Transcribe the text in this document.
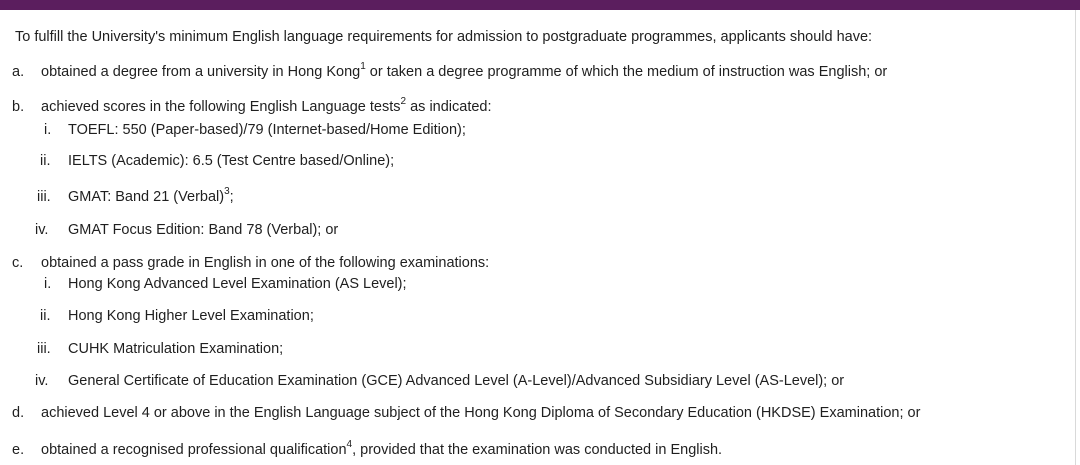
To fulfill the University's minimum English language requirements for admission to postgraduate programmes, applicants should have:
a. obtained a degree from a university in Hong Kong$^1$ or taken a degree programme of which the medium of instruction was English; or
b. achieved scores in the following English Language tests$^2$ as indicated:
i. TOEFL: 550 (Paper-based)/79 (Internet-based/Home Edition);
ii. IELTS (Academic): 6.5 (Test Centre based/Online);
iii. GMAT: Band 21 (Verbal)$^3$;
iv. GMAT Focus Edition: Band 78 (Verbal); or
c. obtained a pass grade in English in one of the following examinations:
i. Hong Kong Advanced Level Examination (AS Level);
ii. Hong Kong Higher Level Examination;
iii. CUHK Matriculation Examination;
iv. General Certificate of Education Examination (GCE) Advanced Level (A-Level)/Advanced Subsidiary Level (AS-Level); or
d. achieved Level 4 or above in the English Language subject of the Hong Kong Diploma of Secondary Education (HKDSE) Examination; or
e. obtained a recognised professional qualification$^4$, provided that the examination was conducted in English.
